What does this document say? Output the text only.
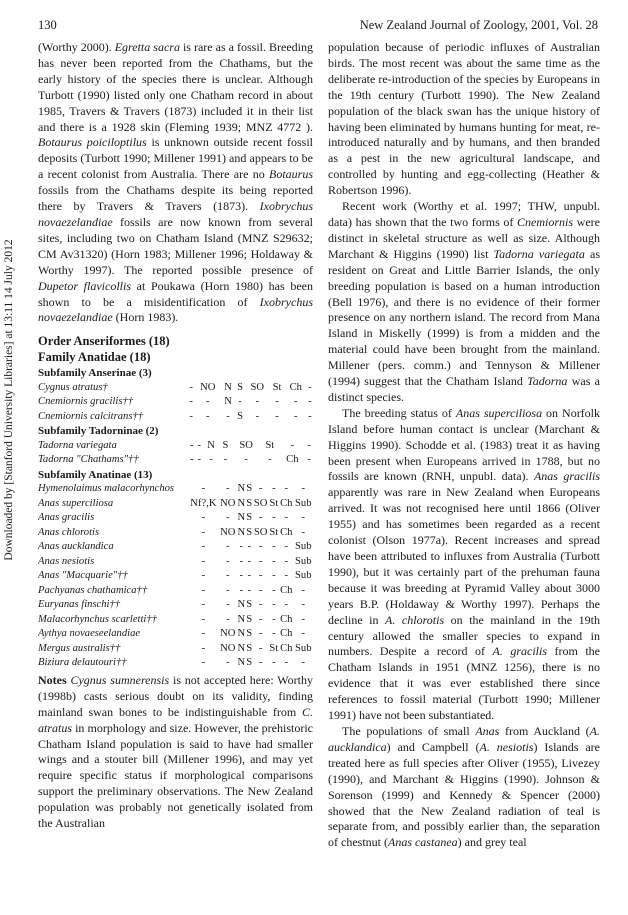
130	New Zealand Journal of Zoology, 2001, Vol. 28
Downloaded by [Stanford University Libraries] at 13:11 14 July 2012

(Worthy 2000). Egretta sacra is rare as a fossil. Breeding has never been reported from the Chathams, but the early history of the species there is unclear. Although Turbott (1990) listed only one Chatham record in about 1985, Travers & Travers (1873) included it in their list and there is a 1928 skin (Fleming 1939; MNZ 4772 ). Botaurus poiciloptilus is unknown outside recent fossil deposits (Turbott 1990; Millener 1991) and appears to be a recent colonist from Australia. There are no Botaurus fossils from the Chathams despite its being reported there by Travers & Travers (1873). Ixobrychus novaezelandiae fossils are now known from several sites, including two on Chatham Island (MNZ S29632; CM Av31320) (Horn 1983; Millener 1996; Holdaway & Worthy 1997). The reported possible presence of Dupetor flavicollis at Poukawa (Horn 1980) has been shown to be a misidentification of Ixobrychus novaezelandiae (Horn 1983).

Order Anseriformes (18)
Family Anatidae (18)
Subfamily Anserinae (3)
Cygnus atratus†	-	NO	N	S	SO	St	Ch	-
Cnemiornis gracilis††	-	-	N	-	-	-	-	-
Cnemiornis calcitrans††	-	-	-	S	-	-	-	-
Subfamily Tadorninae (2)
Tadorna variegata	-	-	N	S	SO	St	-	-
Tadorna "Chathams"††	-	-	-	-	-	-	Ch	-
Subfamily Anatinae (13)
Hymenolaimus malacorhynchos	-	-	N	S	-	-	-	-
Anas superciliosa	Nf?,K	NO	N	S	SO	St	Ch	Sub
Anas gracilis	-	-	N	S	-	-	-	-
Anas chlorotis	-	NO	N	S	SO	St	Ch	-
Anas aucklandica	-	-	-	-	-	-	-	Sub
Anas nesiotis	-	-	-	-	-	-	-	Sub
Anas "Macquarie"††	-	-	-	-	-	-	-	Sub
Pachyanas chathamica††	-	-	-	-	-	-	Ch	-
Euryanas finschi††	-	-	N	S	-	-	-	-
Malacorhynchus scarletti††	-	-	N	S	-	-	Ch	-
Aythya novaeseelandiae	-	NO	N	S	-	-	Ch	-
Mergus australis††	-	NO	N	S	-	St	Ch	Sub
Biziura delautouri††	-	-	N	S	-	-	-	-

Notes Cygnus sumnerensis is not accepted here: Worthy (1998b) casts serious doubt on its validity, finding mainland swan bones to be indistinguishable from C. atratus in morphology and size. However, the prehistoric Chatham Island population is said to have had smaller wings and a stouter bill (Millener 1996), and may yet require specific status if morphological comparisons support the preliminary observations. The New Zealand population was probably not genetically isolated from the Australian

population because of periodic influxes of Australian birds. The most recent was about the same time as the deliberate re-introduction of the species by Europeans in the 19th century (Turbott 1990). The New Zealand population of the black swan has the unique history of having been eliminated by humans hunting for meat, re-introduced naturally and by humans, and then branded as a pest in the new agricultural landscape, and controlled by hunting and egg-collecting (Heather & Robertson 1996).

Recent work (Worthy et al. 1997; THW, unpubl. data) has shown that the two forms of Cnemiornis were distinct in skeletal structure as well as size. Although Marchant & Higgins (1990) list Tadorna variegata as resident on Great and Little Barrier Islands, the only breeding population is based on a human introduction (Bell 1976), and there is no evidence of their former presence on any northern island. The record from Mana Island in Miskelly (1999) is from a midden and the material could have been brought from the mainland. Millener (pers. comm.) and Tennyson & Millener (1994) suggest that the Chatham Island Tadorna was a distinct species.

The breeding status of Anas superciliosa on Norfolk Island before human contact is unclear (Marchant & Higgins 1990). Schodde et al. (1983) treat it as having been present when Europeans arrived in 1788, but no fossils are known (RNH, unpubl. data). Anas gracilis apparently was rare in New Zealand when Europeans arrived. It was not recognised here until 1866 (Oliver 1955) and has sometimes been regarded as a recent colonist (Olson 1977a). Recent increases and spread have been attributed to influxes from Australia (Turbott 1990), but it was certainly part of the prehuman fauna because it was breeding at Pyramid Valley about 3000 years B.P. (Holdaway & Worthy 1997). Perhaps the decline in A. chlorotis on the mainland in the 19th century allowed the smaller species to expand in numbers. Despite a record of A. gracilis from the Chatham Islands in 1951 (MNZ 1256), there is no evidence that it was ever established there since references to fossil material (Turbott 1990; Millener 1991) have not been substantiated.

The populations of small Anas from Auckland (A. aucklandica) and Campbell (A. nesiotis) Islands are treated here as full species after Oliver (1955), Livezey (1990), and Marchant & Higgins (1990). Johnson & Sorenson (1999) and Kennedy & Spencer (2000) showed that the New Zealand radiation of teal is separate from, and possibly earlier than, the separation of chestnut (Anas castanea) and grey teal
